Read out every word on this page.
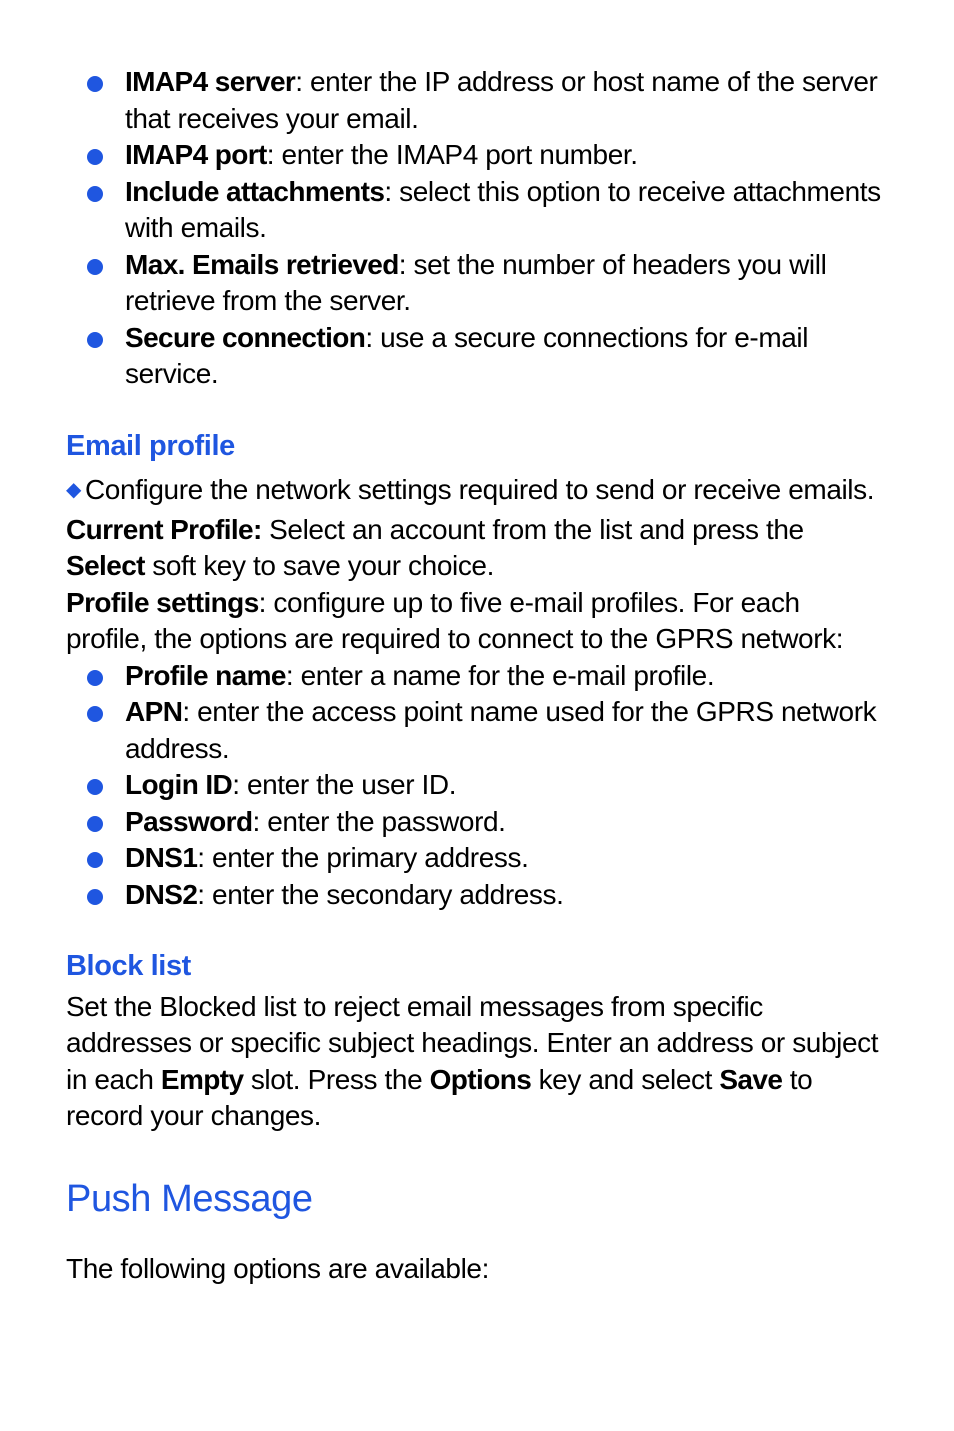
IMAP4 server: enter the IP address or host name of the server that receives your email.
IMAP4 port: enter the IMAP4 port number.
Include attachments: select this option to receive attachments with emails.
Max. Emails retrieved: set the number of headers you will retrieve from the server.
Secure connection: use a secure connections for e-mail service.
Email profile

◆ Configure the network settings required to send or receive emails.

Current Profile: Select an account from the list and press the Select soft key to save your choice.

Profile settings: configure up to five e-mail profiles. For each profile, the options are required to connect to the GPRS network:

Profile name: enter a name for the e-mail profile.
APN: enter the access point name used for the GPRS network address.
Login ID: enter the user ID.
Password: enter the password.
DNS1: enter the primary address.
DNS2: enter the secondary address.
Block list

Set the Blocked list to reject email messages from specific addresses or specific subject headings. Enter an address or subject in each Empty slot. Press the Options key and select Save to record your changes.

Push Message

The following options are available:
